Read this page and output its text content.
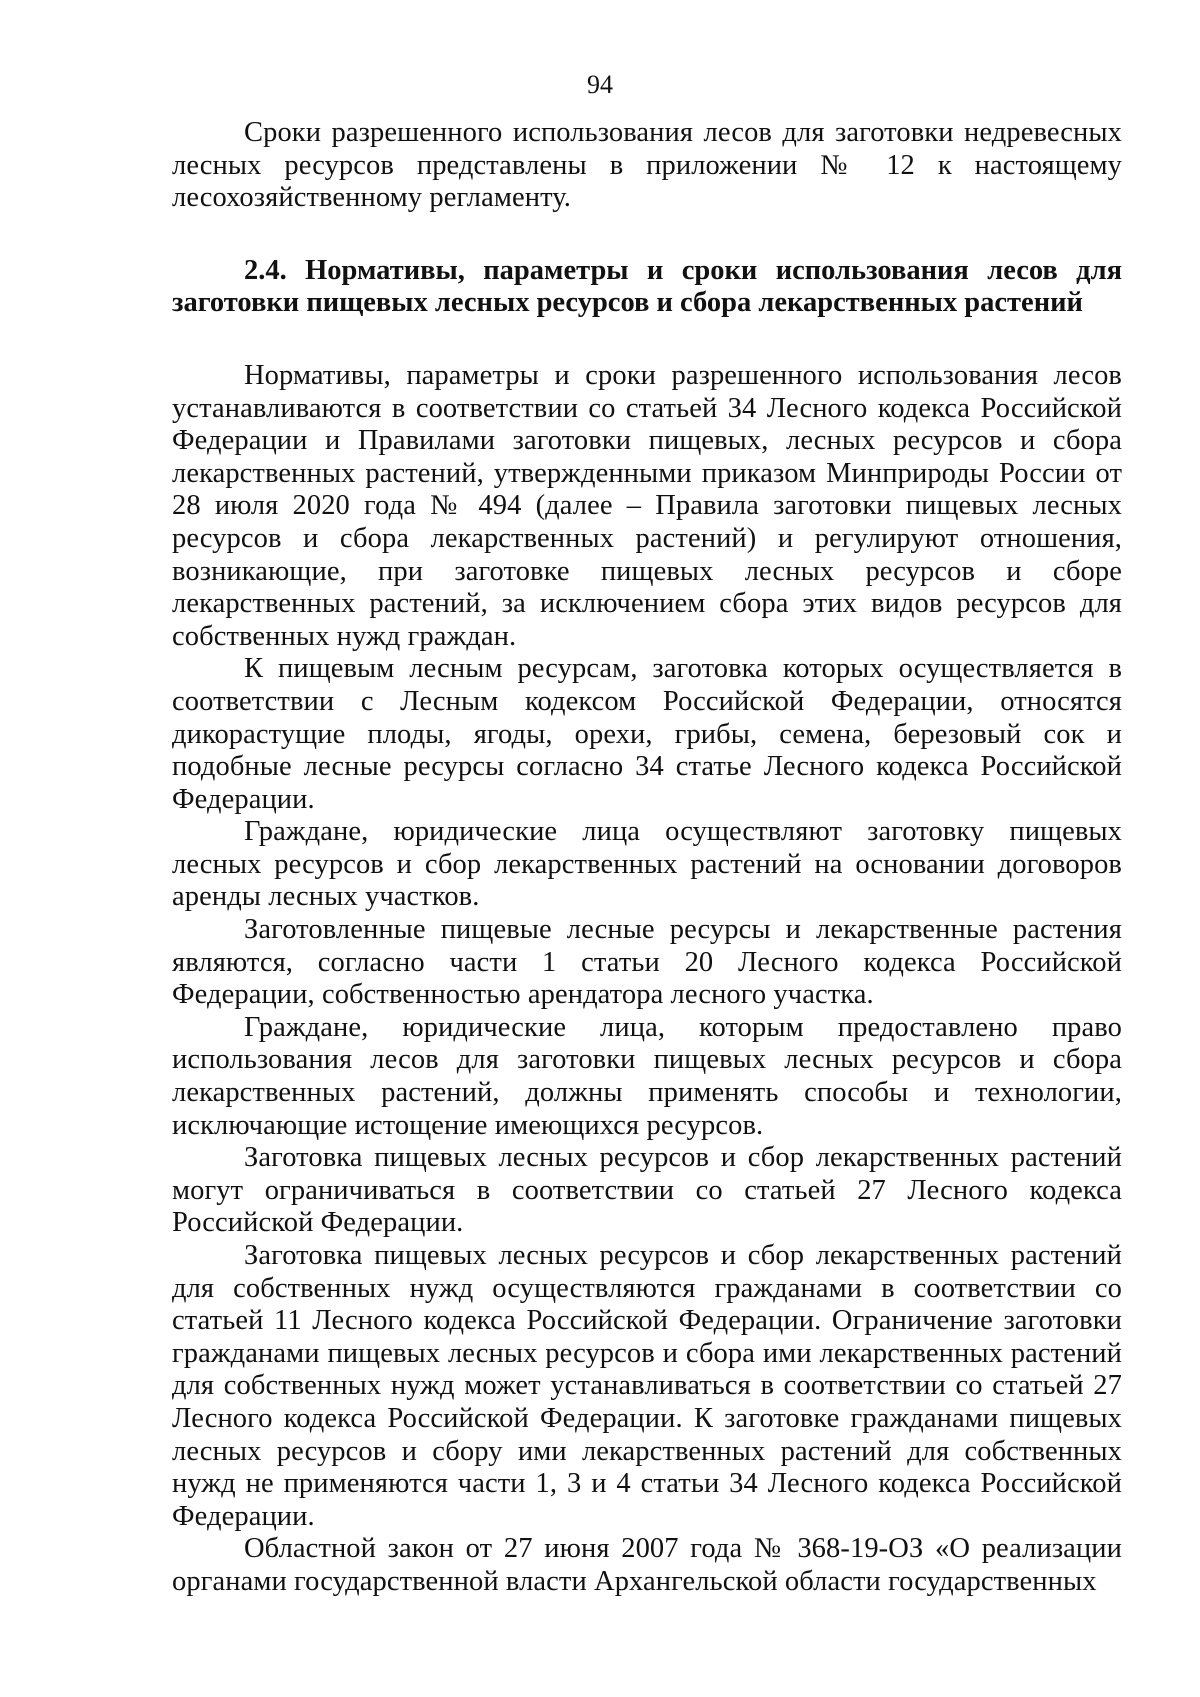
94

Сроки разрешенного использования лесов для заготовки недревесных лесных ресурсов представлены в приложении № 12 к настоящему лесохозяйственному регламенту.

2.4. Нормативы, параметры и сроки использования лесов для заготовки пищевых лесных ресурсов и сбора лекарственных растений

Нормативы, параметры и сроки разрешенного использования лесов устанавливаются в соответствии со статьей 34 Лесного кодекса Российской Федерации и Правилами заготовки пищевых, лесных ресурсов и сбора лекарственных растений, утвержденными приказом Минприроды России от 28 июля 2020 года № 494 (далее – Правила заготовки пищевых лесных ресурсов и сбора лекарственных растений) и регулируют отношения, возникающие, при заготовке пищевых лесных ресурсов и сборе лекарственных растений, за исключением сбора этих видов ресурсов для собственных нужд граждан.

К пищевым лесным ресурсам, заготовка которых осуществляется в соответствии с Лесным кодексом Российской Федерации, относятся дикорастущие плоды, ягоды, орехи, грибы, семена, березовый сок и подобные лесные ресурсы согласно 34 статье Лесного кодекса Российской Федерации.

Граждане, юридические лица осуществляют заготовку пищевых лесных ресурсов и сбор лекарственных растений на основании договоров аренды лесных участков.

Заготовленные пищевые лесные ресурсы и лекарственные растения являются, согласно части 1 статьи 20 Лесного кодекса Российской Федерации, собственностью арендатора лесного участка.

Граждане, юридические лица, которым предоставлено право использования лесов для заготовки пищевых лесных ресурсов и сбора лекарственных растений, должны применять способы и технологии, исключающие истощение имеющихся ресурсов.

Заготовка пищевых лесных ресурсов и сбор лекарственных растений могут ограничиваться в соответствии со статьей 27 Лесного кодекса Российской Федерации.

Заготовка пищевых лесных ресурсов и сбор лекарственных растений для собственных нужд осуществляются гражданами в соответствии со статьей 11 Лесного кодекса Российской Федерации. Ограничение заготовки гражданами пищевых лесных ресурсов и сбора ими лекарственных растений для собственных нужд может устанавливаться в соответствии со статьей 27 Лесного кодекса Российской Федерации. К заготовке гражданами пищевых лесных ресурсов и сбору ими лекарственных растений для собственных нужд не применяются части 1, 3 и 4 статьи 34 Лесного кодекса Российской Федерации.

Областной закон от 27 июня 2007 года № 368-19-ОЗ «О реализации органами государственной власти Архангельской области государственных
